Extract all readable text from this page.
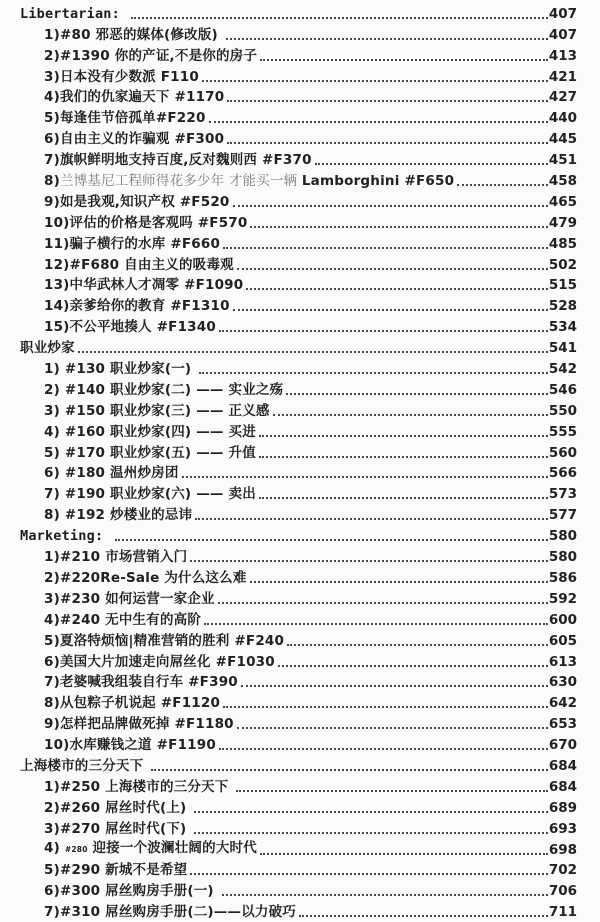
Libertarian:	407
1)#80 邪恶的媒体(修改版)	407
2)#1390 你的产证,不是你的房子	413
3)日本没有少数派 F110	421
4)我们的仇家遍天下 #1170	427
5)每逢佳节倍孤单#F220	440
6)自由主义的诈骗观 #F300	445
7)旗帜鲜明地支持百度,反对魏则西 #F370	451
8)兰博基尼工程师得花多少年 才能买一辆 Lamborghini #F650	458
9)如是我观,知识产权 #F520	465
10)评估的价格是客观吗 #F570	479
11)骗子横行的水库 #F660	485
12)#F680 自由主义的吸毒观	502
13)中华武林人才凋零 #F1090	515
14)亲爹给你的教育 #F1310	528
15)不公平地揍人 #F1340	534
职业炒家	541
1) #130 职业炒家(一)	542
2) #140 职业炒家(二) —— 实业之殇	546
3) #150 职业炒家(三) —— 正义感	550
4) #160 职业炒家(四) —— 买进	555
5) #170 职业炒家(五) —— 升值	560
6) #180 温州炒房团	566
7) #190 职业炒家(六) —— 卖出	573
8) #192 炒楼业的忌讳	577
Marketing:	580
1)#210 市场营销入门	580
2)#220Re-Sale 为什么这么难	586
3)#230 如何运营一家企业	592
4)#240 无中生有的高阶	600
5)夏洛特烦恼|精准营销的胜利 #F240	605
6)美国大片加速走向屌丝化 #F1030	613
7)老婆喊我组装自行车 #F390	630
8)从包粽子机说起 #F1120	642
9)怎样把品牌做死掉 #F1180	653
10)水库赚钱之道 #F1190	670
上海楼市的三分天下	684
1)#250 上海楼市的三分天下	684
2)#260 屌丝时代(上)	689
3)#270 屌丝时代(下)	693
4) #280 迎接一个波澜壮阔的大时代	698
5)#290 新城不是希望	702
6)#300 屌丝购房手册(一)	706
7)#310 屌丝购房手册(二)——以力破巧	711
